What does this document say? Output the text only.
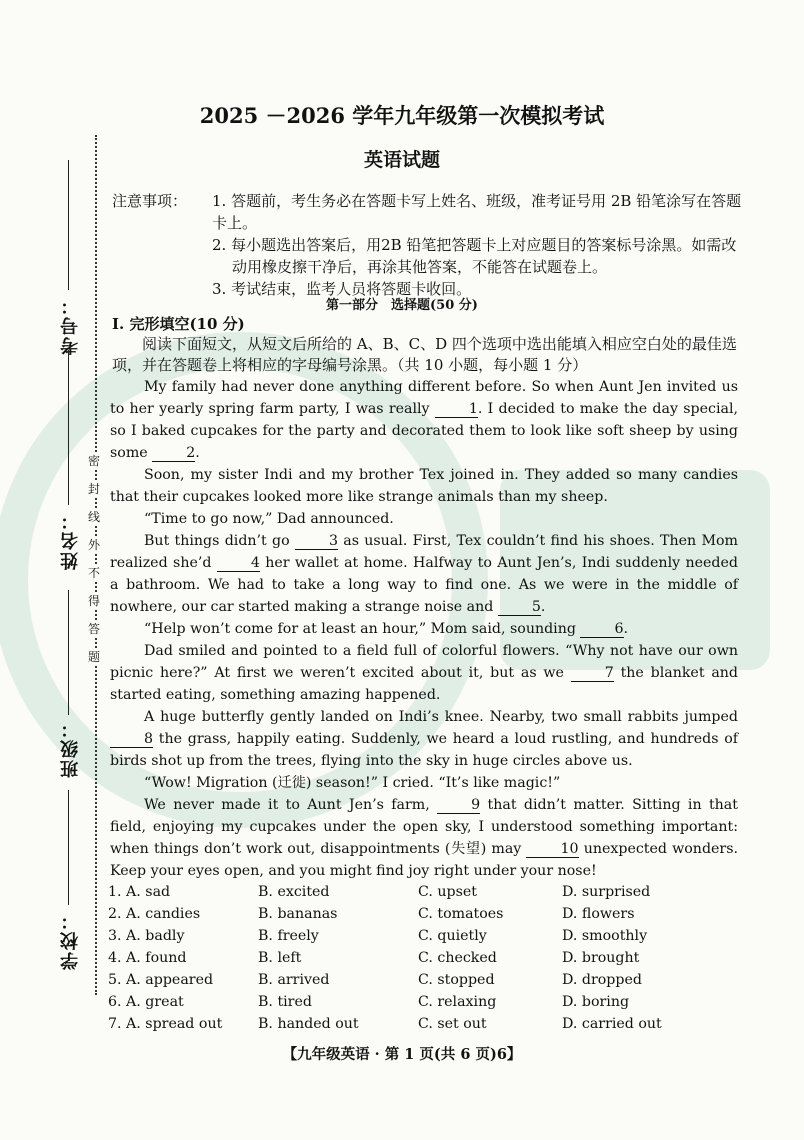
考号：
姓名：
班级：
学校：
密
封
线
外
不
得
答
题
2025 －2026 学年九年级第一次模拟考试
英语试题
注意事项：	1. 答题前，考生务必在答题卡写上姓名、班级，准考证号用 2B 铅笔涂写在答题卡上。
2. 每小题选出答案后，用2B 铅笔把答题卡上对应题目的答案标号涂黑。如需改动用橡皮擦干净后，再涂其他答案，不能答在试题卷上。
3. 考试结束，监考人员将答题卡收回。
第一部分　选择题(50 分)
I. 完形填空(10 分)
阅读下面短文，从短文后所给的 A、B、C、D 四个选项中选出能填入相应空白处的最佳选项，并在答题卷上将相应的字母编号涂黑。（共 10 小题，每小题 1 分）

My family had never done anything different before. So when Aunt Jen invited us to her yearly spring farm party, I was really	1. I decided to make the day special, so I baked cupcakes for the party and decorated them to look like soft sheep by using some	2.

Soon, my sister Indi and my brother Tex joined in. They added so many candies that their cupcakes looked more like strange animals than my sheep.

“Time to go now,” Dad announced.

But things didn’t go	3 as usual. First, Tex couldn’t find his shoes. Then Mom realized she’d	4 her wallet at home. Halfway to Aunt Jen’s, Indi suddenly needed a bathroom. We had to take a long way to find one. As we were in the middle of nowhere, our car started making a strange noise and	5.

“Help won’t come for at least an hour,” Mom said, sounding	6.

Dad smiled and pointed to a field full of colorful flowers. “Why not have our own picnic here?” At first we weren’t excited about it, but as we	7 the blanket and started eating, something amazing happened.

A huge butterfly gently landed on Indi’s knee. Nearby, two small rabbits jumped 8 the grass, happily eating. Suddenly, we heard a loud rustling, and hundreds of birds shot up from the trees, flying into the sky in huge circles above us.

“Wow! Migration (迁徙) season!” I cried. “It’s like magic!”

We never made it to Aunt Jen’s farm,	9 that didn’t matter. Sitting in that field, enjoying my cupcakes under the open sky, I understood something important: when things don’t work out, disappointments (失望) may	10 unexpected wonders. Keep your eyes open, and you might find joy right under your nose!

1. A. sad	B. excited	C. upset	D. surprised
2. A. candies	B. bananas	C. tomatoes	D. flowers
3. A. badly	B. freely	C. quietly	D. smoothly
4. A. found	B. left	C. checked	D. brought
5. A. appeared	B. arrived	C. stopped	D. dropped
6. A. great	B. tired	C. relaxing	D. boring
7. A. spread out	B. handed out	C. set out	D. carried out
【九年级英语 · 第 1 页(共 6 页)6】
